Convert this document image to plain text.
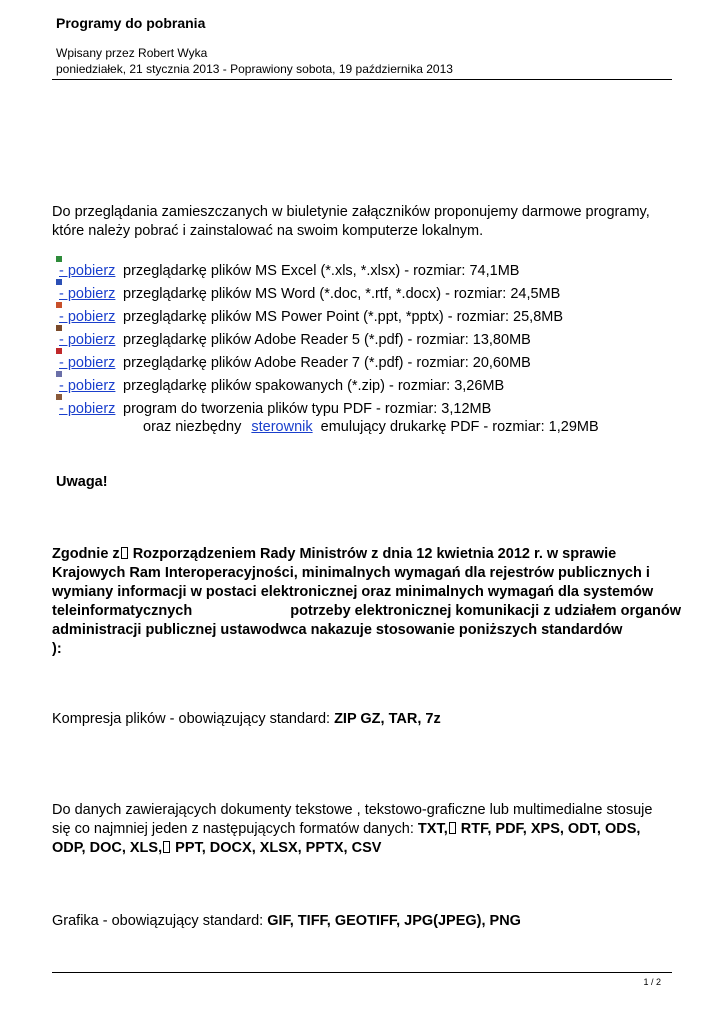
Programy do pobrania
Wpisany przez Robert Wyka
poniedziałek, 21 stycznia 2013 - Poprawiony sobota, 19 października 2013
Do przeglądania zamieszczanych w biuletynie załączników proponujemy darmowe programy,
które należy pobrać i zainstalować na swoim komputerze lokalnym.
- pobierz przeglądarkę plików MS Excel (*.xls, *.xlsx) - rozmiar: 74,1MB
- pobierz przeglądarkę plików MS Word (*.doc, *.rtf, *.docx) - rozmiar: 24,5MB
- pobierz przeglądarkę plików MS Power Point (*.ppt, *pptx) - rozmiar: 25,8MB
- pobierz przeglądarkę plików Adobe Reader 5 (*.pdf) - rozmiar: 13,80MB
- pobierz przeglądarkę plików Adobe Reader 7 (*.pdf) - rozmiar: 20,60MB
- pobierz przeglądarkę plików spakowanych (*.zip) - rozmiar: 3,26MB
- pobierz program do tworzenia plików typu PDF - rozmiar: 3,12MB
oraz niezbędny sterownik emulujący drukarkę PDF - rozmiar: 1,29MB
Uwaga!
Zgodnie z Rozporządzeniem Rady Ministrów z dnia 12 kwietnia 2012 r. w sprawie
Krajowych Ram Interoperacyjności, minimalnych wymagań dla rejestrów publicznych i
wymiany informacji w postaci elektronicznej oraz minimalnych wymagań dla systemów
teleinformatycznych	potrzeby elektronicznej komunikacji z udziałem organów
administracji publicznej ustawodwca nakazuje stosowanie poniższych standardów
):
Kompresja plików - obowiązujący standard: ZIP GZ, TAR, 7z
Do danych zawierających dokumenty tekstowe , tekstowo-graficzne lub multimedialne stosuje
się co najmniej jeden z następujących formatów danych: TXT, RTF, PDF, XPS, ODT, ODS,
ODP, DOC, XLS, PPT, DOCX, XLSX, PPTX, CSV
Grafika - obowiązujący standard: GIF, TIFF, GEOTIFF, JPG(JPEG), PNG
1 / 2
